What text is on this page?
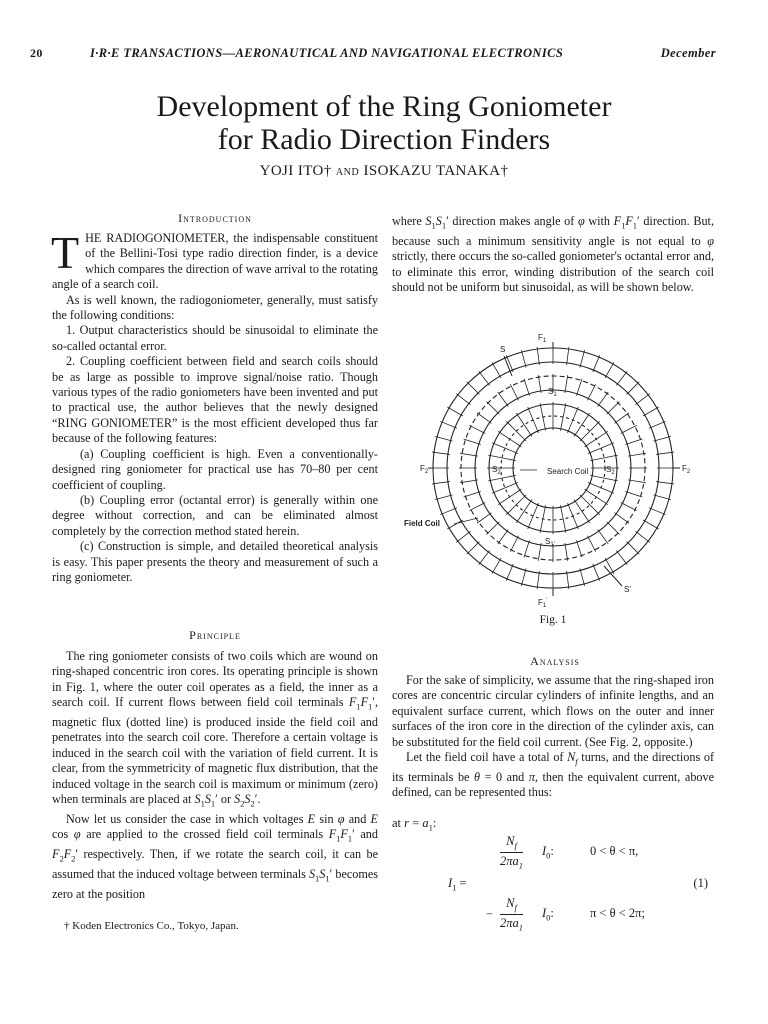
20	I·R·E TRANSACTIONS—AERONAUTICAL AND NAVIGATIONAL ELECTRONICS	December
Development of the Ring Goniometer
for Radio Direction Finders
YOJI ITO† AND ISOKAZU TANAKA†
Introduction

T HE RADIOGONIOMETER, the indispensable constituent of the Bellini-Tosi type radio direction finder, is a device which compares the direction of wave arrival to the rotating angle of a search coil.

As is well known, the radiogoniometer, generally, must satisfy the following conditions:

1. Output characteristics should be sinusoidal to eliminate the so-called octantal error.

2. Coupling coefficient between field and search coils should be as large as possible to improve signal/noise ratio. Though various types of the radio goniometers have been invented and put to practical use, the author believes that the newly designed “RING GONIOMETER” is the most efficient developed thus far because of the following features:

(a) Coupling coefficient is high. Even a conventionally-designed ring goniometer for practical use has 70–80 per cent coefficient of coupling.

(b) Coupling error (octantal error) is generally within one degree without correction, and can be eliminated almost completely by the correction method stated herein.

(c) Construction is simple, and detailed theoretical analysis is easy. This paper presents the theory and measurement of such a ring goniometer.

Principle

The ring goniometer consists of two coils which are wound on ring-shaped concentric iron cores. Its operating principle is shown in Fig. 1, where the outer coil operates as a field, the inner as a search coil. If current flows between field coil terminals $F_1F_1'$, magnetic flux (dotted line) is produced inside the field coil and penetrates into the search coil core. Therefore a certain voltage is induced in the search coil with the variation of field current. It is clear, from the symmetricity of magnetic flux distribution, that the induced voltage in the search coil is maximum or minimum (zero) when terminals are placed at $S_1S_1'$ or $S_2S_2'$.

Now let us consider the case in which voltages E sin φ and E cos φ are applied to the crossed field coil terminals $F_1F_1'$ and $F_2F_2'$ respectively. Then, if we rotate the search coil, it can be assumed that the induced voltage between terminals $S_1S_1'$ becomes zero at the position

† Koden Electronics Co., Tokyo, Japan.

where $S_1S_1'$ direction makes angle of φ with $F_1F_1'$ direction. But, because such a minimum sensitivity angle is not equal to φ strictly, there occurs the so-called goniometer's octantal error and, to eliminate this error, winding distribution of the search coil should not be uniform but sinusoidal, as will be shown below.

$S_1$
$S_{1'}$
$S_2$	$S_2$
Search Coil
Field Coil
$F_1$
$F_1'$
$F_2$	$F_2$
S
S'
Fig. 1
Analysis

For the sake of simplicity, we assume that the ring-shaped iron cores are concentric circular cylinders of infinite lengths, and an equivalent surface current, which flows on the outer and inner surfaces of the iron core in the direction of the cylinder axis, can be substituted for the field coil current. (See Fig. 2, opposite.)

Let the field coil have a total of $N_f$ turns, and the directions of its terminals be θ = 0 and π, then the equivalent current, above defined, can be represented thus:

at $r = a_1$:
$\frac{N_f}{2\pi a_1} I_0$:	0 < θ < π,
$I_1$ =	(1)
− $\frac{N_f}{2\pi a_1} I_0$:	π < θ < 2π;
